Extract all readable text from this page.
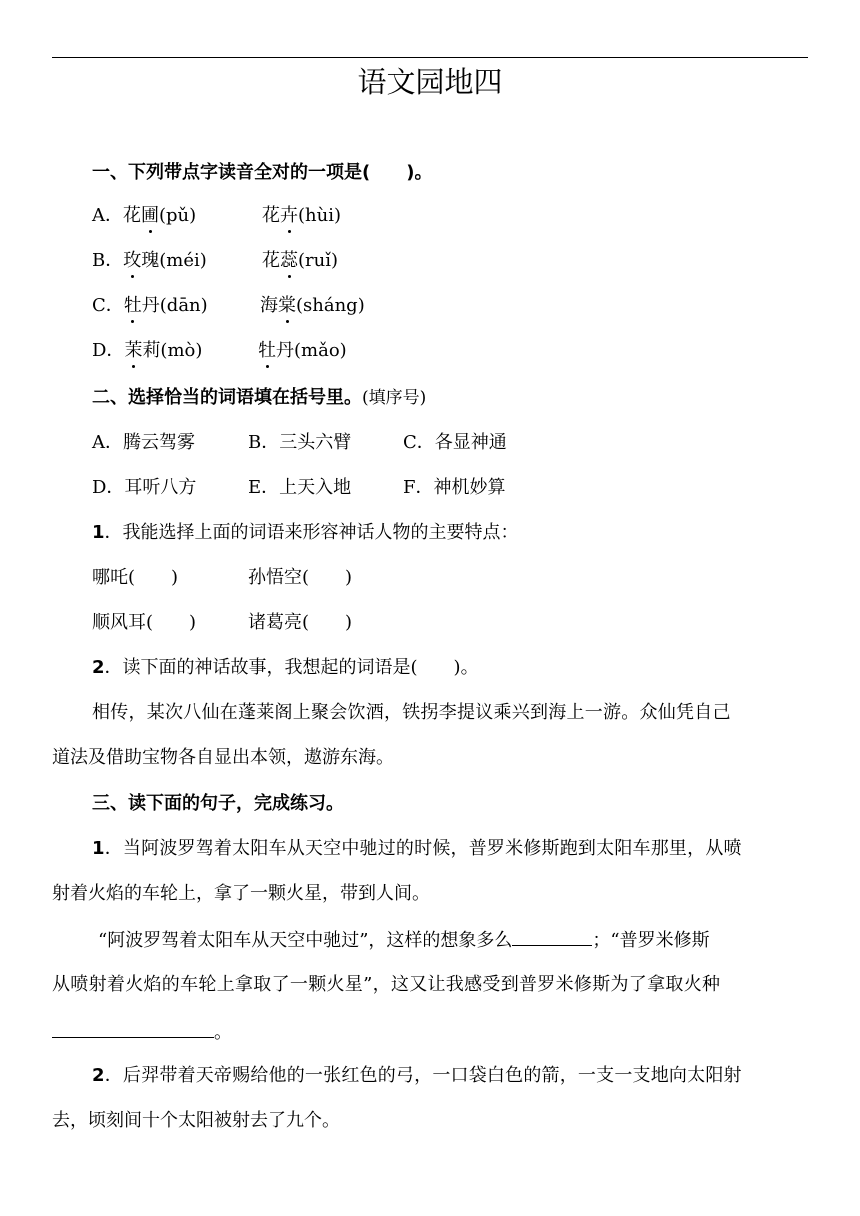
语文园地四
一、下列带点字读音全对的一项是(　　)。
A．花圃(pǔ)	花卉(hùi)
B．玫瑰(méi)	花蕊(ruǐ)
C．牡丹(dān)	海棠(sháng)
D．茉莉(mò)	牡丹(mǎo)
二、选择恰当的词语填在括号里。(填序号)
A．腾云驾雾	B．三头六臂	C．各显神通
D．耳听八方	E．上天入地	F．神机妙算
1．我能选择上面的词语来形容神话人物的主要特点：
哪吒(　　)	孙悟空(　　)
顺风耳(　　)	诸葛亮(　　)
2．读下面的神话故事，我想起的词语是(　　)。
相传，某次八仙在蓬莱阁上聚会饮酒，铁拐李提议乘兴到海上一游。众仙凭自己
道法及借助宝物各自显出本领，遨游东海。
三、读下面的句子，完成练习。
1．当阿波罗驾着太阳车从天空中驰过的时候，普罗米修斯跑到太阳车那里，从喷
射着火焰的车轮上，拿了一颗火星，带到人间。
“阿波罗驾着太阳车从天空中驰过”，这样的想象多么	；“普罗米修斯
从喷射着火焰的车轮上拿取了一颗火星”，这又让我感受到普罗米修斯为了拿取火种
。
2．后羿带着天帝赐给他的一张红色的弓，一口袋白色的箭，一支一支地向太阳射
去，顷刻间十个太阳被射去了九个。
